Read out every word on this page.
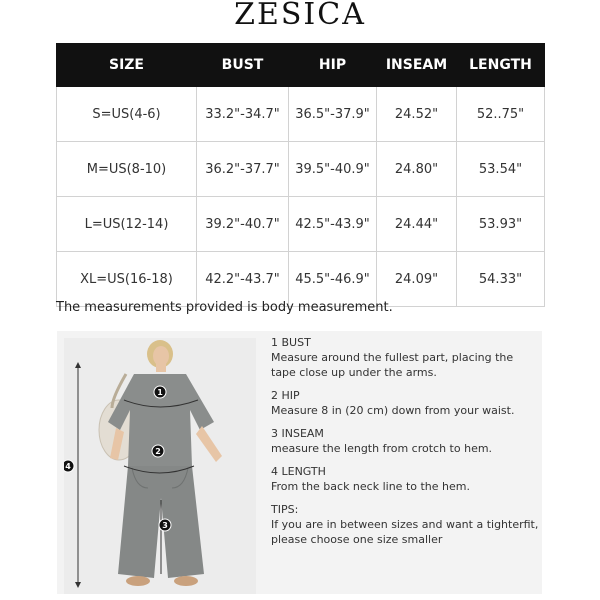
ZESICA
SIZE	BUST	HIP	INSEAM	LENGTH
S=US(4-6)	33.2"-34.7"	36.5"-37.9"	24.52"	52..75"
M=US(8-10)	36.2"-37.7"	39.5"-40.9"	24.80"	53.54"
L=US(12-14)	39.2"-40.7"	42.5"-43.9"	24.44"	53.93"
XL=US(16-18)	42.2"-43.7"	45.5"-46.9"	24.09"	54.33"
The measurements provided is body measurement.
1
2
3
4
1 BUST
Measure around the fullest part, placing the tape close up under the arms.
2 HIP
Measure 8 in (20 cm) down from your waist.
3 INSEAM
measure the length from crotch to hem.
4 LENGTH
From the back neck line to the hem.
TIPS:
If you are in between sizes and want a tighterfit, please choose one size smaller
